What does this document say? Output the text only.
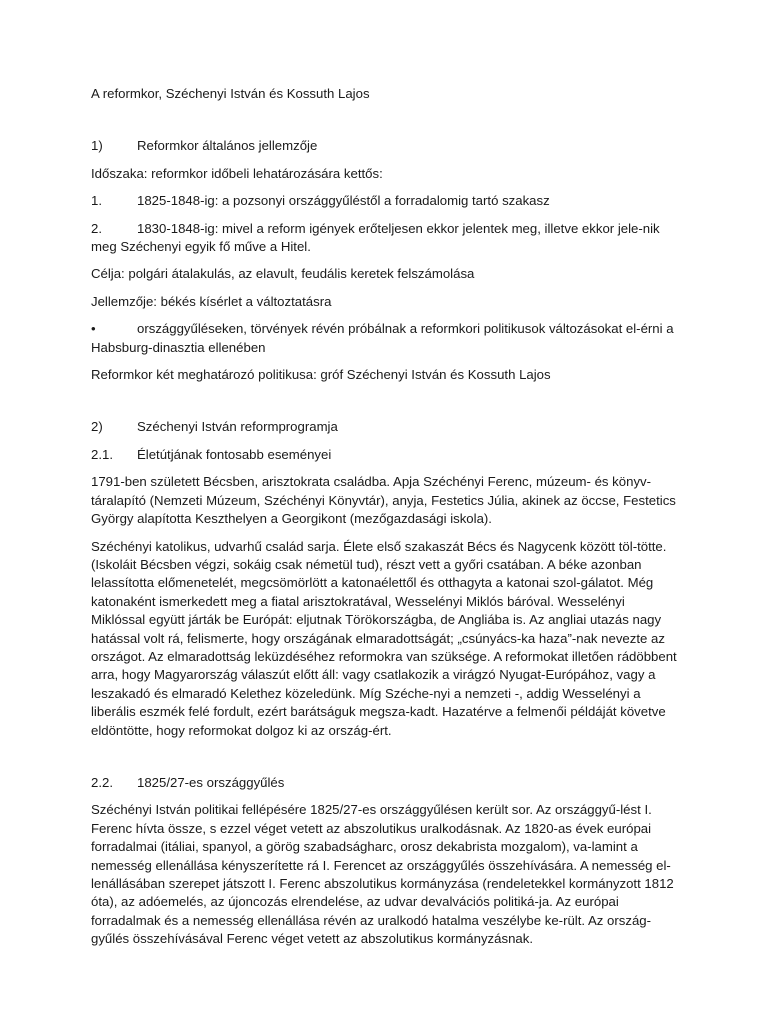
A reformkor, Széchenyi István és Kossuth Lajos

1)	Reformkor általános jellemzője

Időszaka: reformkor időbeli lehatározására kettős:

1.	1825-1848-ig: a pozsonyi országgyűléstől a forradalomig tartó szakasz

2.	1830-1848-ig: mivel a reform igények erőteljesen ekkor jelentek meg, illetve ekkor jele-nik meg Széchenyi egyik fő műve a Hitel.

Célja: polgári átalakulás, az elavult, feudális keretek felszámolása

Jellemzője: békés kísérlet a változtatásra

•	országgyűléseken, törvények révén próbálnak a reformkori politikusok változásokat el-érni a Habsburg-dinasztia ellenében

Reformkor két meghatározó politikusa: gróf Széchenyi István és Kossuth Lajos

2)	Széchenyi István reformprogramja
2.1.	Életútjának fontosabb eseményei

1791-ben született Bécsben, arisztokrata családba. Apja Széchényi Ferenc, múzeum- és könyv-táralapító (Nemzeti Múzeum, Széchényi Könyvtár), anyja, Festetics Júlia, akinek az öccse, Festetics György alapította Keszthelyen a Georgikont (mezőgazdasági iskola).

Széchényi katolikus, udvarhű család sarja. Élete első szakaszát Bécs és Nagycenk között töl-tötte. (Iskoláit Bécsben végzi, sokáig csak németül tud), részt vett a győri csatában. A béke azonban lelassította előmenetelét, megcsömörlött a katonaélettől és otthagyta a katonai szol-gálatot. Még katonaként ismerkedett meg a fiatal arisztokratával, Wesselényi Miklós báróval. Wesselényi Miklóssal együtt járták be Európát: eljutnak Törökországba, de Angliába is. Az angliai utazás nagy hatással volt rá, felismerte, hogy országának elmaradottságát; „csúnyács-ka haza”-nak nevezte az országot. Az elmaradottság leküzdéséhez reformokra van szüksége. A reformokat illetően rádöbbent arra, hogy Magyarország válaszút előtt áll: vagy csatlakozik a virágzó Nyugat-Európához, vagy a leszakadó és elmaradó Kelethez közeledünk. Míg Széche-nyi a nemzeti -, addig Wesselényi a liberális eszmék felé fordult, ezért barátságuk megsza-kadt. Hazatérve a felmenői példáját követve eldöntötte, hogy reformokat dolgoz ki az ország-ért.

2.2.	1825/27-es országgyűlés

Széchényi István politikai fellépésére 1825/27-es országgyűlésen került sor. Az országgyű-lést I. Ferenc hívta össze, s ezzel véget vetett az abszolutikus uralkodásnak. Az 1820-as évek európai forradalmai (itáliai, spanyol, a görög szabadságharc, orosz dekabrista mozgalom), va-lamint a nemesség ellenállása kényszerítette rá I. Ferencet az országgyűlés összehívására. A nemesség el-lenállásában szerepet játszott I. Ferenc abszolutikus kormányzása (rendeletekkel kormányzott 1812 óta), az adóemelés, az újoncozás elrendelése, az udvar devalvációs politiká-ja. Az európai forradalmak és a nemesség ellenállása révén az uralkodó hatalma veszélybe ke-rült. Az ország-gyűlés összehívásával Ferenc véget vetett az abszolutikus kormányzásnak.
